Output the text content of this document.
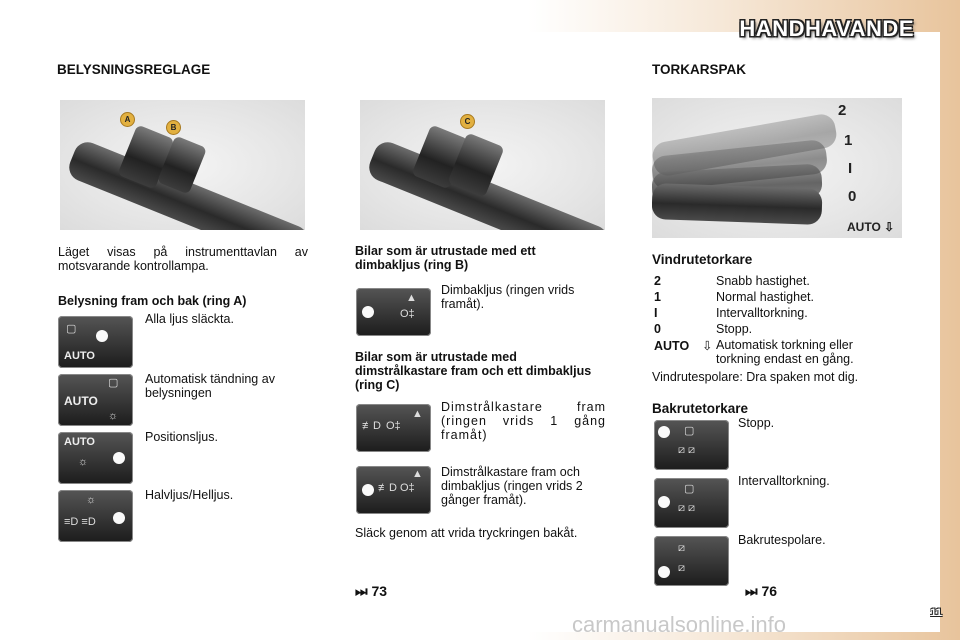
HANDHAVANDE
BELYSNINGSREGLAGE
A
B
C
Läget visas på instrumenttavlan av motsvarande kontrollampa.
Belysning fram och bak (ring A)
▢
AUTO
Alla ljus släckta.
AUTO
▢
☼
Automatisk tändning av belysningen
AUTO
☼
Positionsljus.
☼
≡D ≡D
Halvljus/Helljus.
Bilar som är utrustade med ett dimbakljus (ring B)
▲
O‡
Dimbakljus (ringen vrids framåt).
Bilar som är utrustade med dimstrålkastare fram och ett dimbakljus (ring C)
≢D O‡
▲ Dimstrålkastare fram (ringen vrids 1 gång framåt)
≢D O‡
▲ Dimstrålkastare fram och dimbakljus (ringen vrids 2 gånger framåt).
Släck genom att vrida tryckringen bakåt.
⏭ 73
TORKARSPAK
2
1
I
0
AUTO ⇩
Vindrutetorkare
2	Snabb hastighet.
1	Normal hastighet.
I	Intervalltorkning.
0	Stopp.
AUTO ⇩ Automatisk torkning eller torkning endast en gång.
Vindrutespolare: Dra spaken mot dig.
Bakrutetorkare
▢
⧄ ⧄
Stopp.
▢
⧄ ⧄
Intervalltorkning.
⧄
⧄
Bakrutespolare.
⏭ 76
11
carmanualsonline.info
